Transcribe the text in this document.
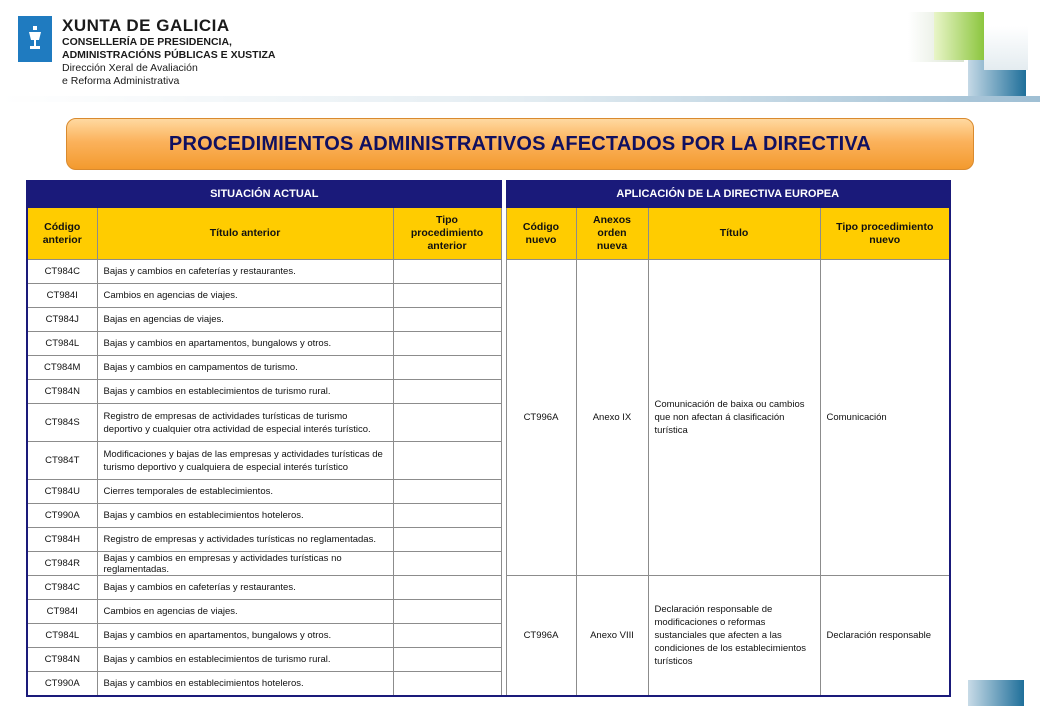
XUNTA DE GALICIA
CONSELLERÍA DE PRESIDENCIA,
ADMINISTRACIÓNS PÚBLICAS E XUSTIZA
Dirección Xeral de Avaliación
e Reforma Administrativa
PROCEDIMIENTOS ADMINISTRATIVOS AFECTADOS POR LA DIRECTIVA
SITUACIÓN ACTUAL				APLICACIÓN DE LA DIRECTIVA EUROPEA			
Código anterior	Título anterior	Tipo procedimiento anterior		Código nuevo	Anexos orden nueva	Título	Tipo procedimiento nuevo
CT984C	Bajas y cambios en cafeterías y restaurantes.			CT996A	Anexo IX	Comunicación de baixa ou cambios que non afectan á clasificación turística	Comunicación
CT984I	Cambios en agencias de viajes.						
CT984J	Bajas en agencias de viajes.						
CT984L	Bajas y cambios en apartamentos, bungalows y otros.						
CT984M	Bajas y cambios en campamentos de turismo.						
CT984N	Bajas y cambios en establecimientos de turismo rural.						
CT984S	Registro de empresas de actividades turísticas de turismo deportivo y cualquier otra actividad de especial interés turístico.						
CT984T	Modificaciones y bajas de las empresas y actividades turísticas de turismo deportivo y cualquiera de especial interés turístico						
CT984U	Cierres temporales de establecimientos.						
CT990A	Bajas y cambios en establecimientos hoteleros.						
CT984H	Registro de empresas y actividades turísticas no reglamentadas.						
CT984R	Bajas y cambios en empresas y actividades turísticas no reglamentadas.						
CT984C	Bajas y cambios en cafeterías y restaurantes.			CT996A	Anexo VIII	Declaración responsable de modificaciones o reformas sustanciales que afecten a las condiciones de los establecimientos turísticos	Declaración responsable
CT984I	Cambios en agencias de viajes.						
CT984L	Bajas y cambios en apartamentos, bungalows y otros.						
CT984N	Bajas y cambios en establecimientos de turismo rural.						
CT990A	Bajas y cambios en establecimientos hoteleros.						
